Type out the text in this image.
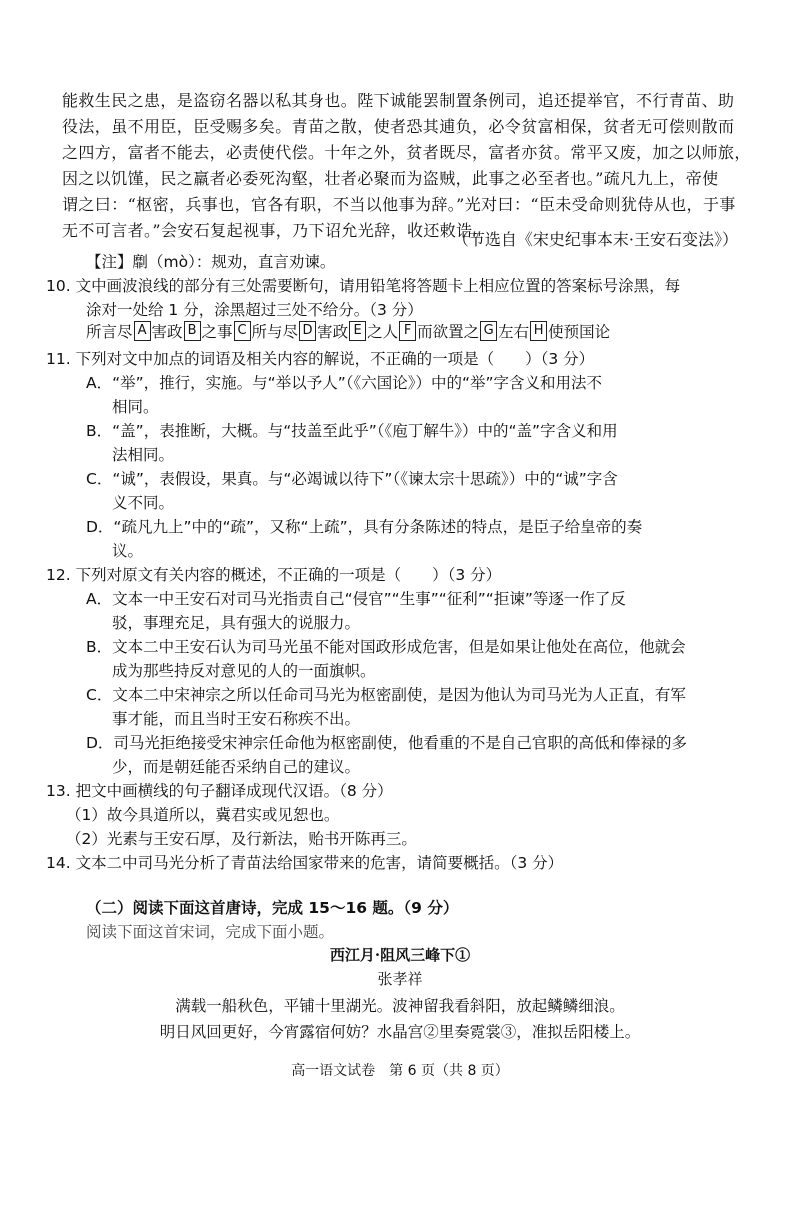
能救生民之患，是盗窃名器以私其身也。陛下诚能罢制置条例司，追还提举官，不行青苗、助
役法，虽不用臣，臣受赐多矣。青苗之散，使者恐其逋负，必令贫富相保，贫者无可偿则散而
之四方，富者不能去，必责使代偿。十年之外，贫者既尽，富者亦贫。常平又废，加之以师旅，
因之以饥馑，民之羸者必委死沟壑，壮者必聚而为盗贼，此事之必至者也。”疏凡九上，帝使
谓之曰：“枢密，兵事也，官各有职，不当以他事为辞。”光对曰：“臣未受命则犹侍从也，于事
无不可言者。”会安石复起视事，乃下诏允光辞，收还敕诰。
（节选自《宋史纪事本末·王安石变法》）
【注】劘（mò）：规劝，直言劝谏。
10. 文中画波浪线的部分有三处需要断句，请用铅笔将答题卡上相应位置的答案标号涂黑，每
涂对一处给 1 分，涂黑超过三处不给分。（3 分）
所言尽 A 害政 B 之事 C 所与尽 D 害政 E 之人 F 而欲置之 G 左右 H 使预国论
11. 下列对文中加点的词语及相关内容的解说，不正确的一项是（　　）（3 分）
A．“举”，推行，实施。与“举以予人”（《六国论》）中的“举”字含义和用法不
相同。
B．“盖”，表推断，大概。与“技盖至此乎”（《庖丁解牛》）中的“盖”字含义和用
法相同。
C．“诚”，表假设，果真。与“必竭诚以待下”（《谏太宗十思疏》）中的“诚”字含
义不同。
D．“疏凡九上”中的“疏”，又称“上疏”，具有分条陈述的特点，是臣子给皇帝的奏
议。
12. 下列对原文有关内容的概述，不正确的一项是（　　）（3 分）
A．文本一中王安石对司马光指责自己“侵官”“生事”“征利”“拒谏”等逐一作了反
驳，事理充足，具有强大的说服力。
B．文本二中王安石认为司马光虽不能对国政形成危害，但是如果让他处在高位，他就会
成为那些持反对意见的人的一面旗帜。
C．文本二中宋神宗之所以任命司马光为枢密副使，是因为他认为司马光为人正直，有军
事才能，而且当时王安石称疾不出。
D．司马光拒绝接受宋神宗任命他为枢密副使，他看重的不是自己官职的高低和俸禄的多
少，而是朝廷能否采纳自己的建议。
13. 把文中画横线的句子翻译成现代汉语。（8 分）
（1）故今具道所以，冀君实或见恕也。
（2）光素与王安石厚，及行新法，贻书开陈再三。
14. 文本二中司马光分析了青苗法给国家带来的危害，请简要概括。（3 分）
（二）阅读下面这首唐诗，完成 15～16 题。（9 分）
阅读下面这首宋词，完成下面小题。
西江月·阻风三峰下①
张孝祥
满载一船秋色，平铺十里湖光。波神留我看斜阳，放起鳞鳞细浪。
明日风回更好，今宵露宿何妨？水晶宫②里奏霓裳③，准拟岳阳楼上。
高一语文试卷　第 6 页（共 8 页）
